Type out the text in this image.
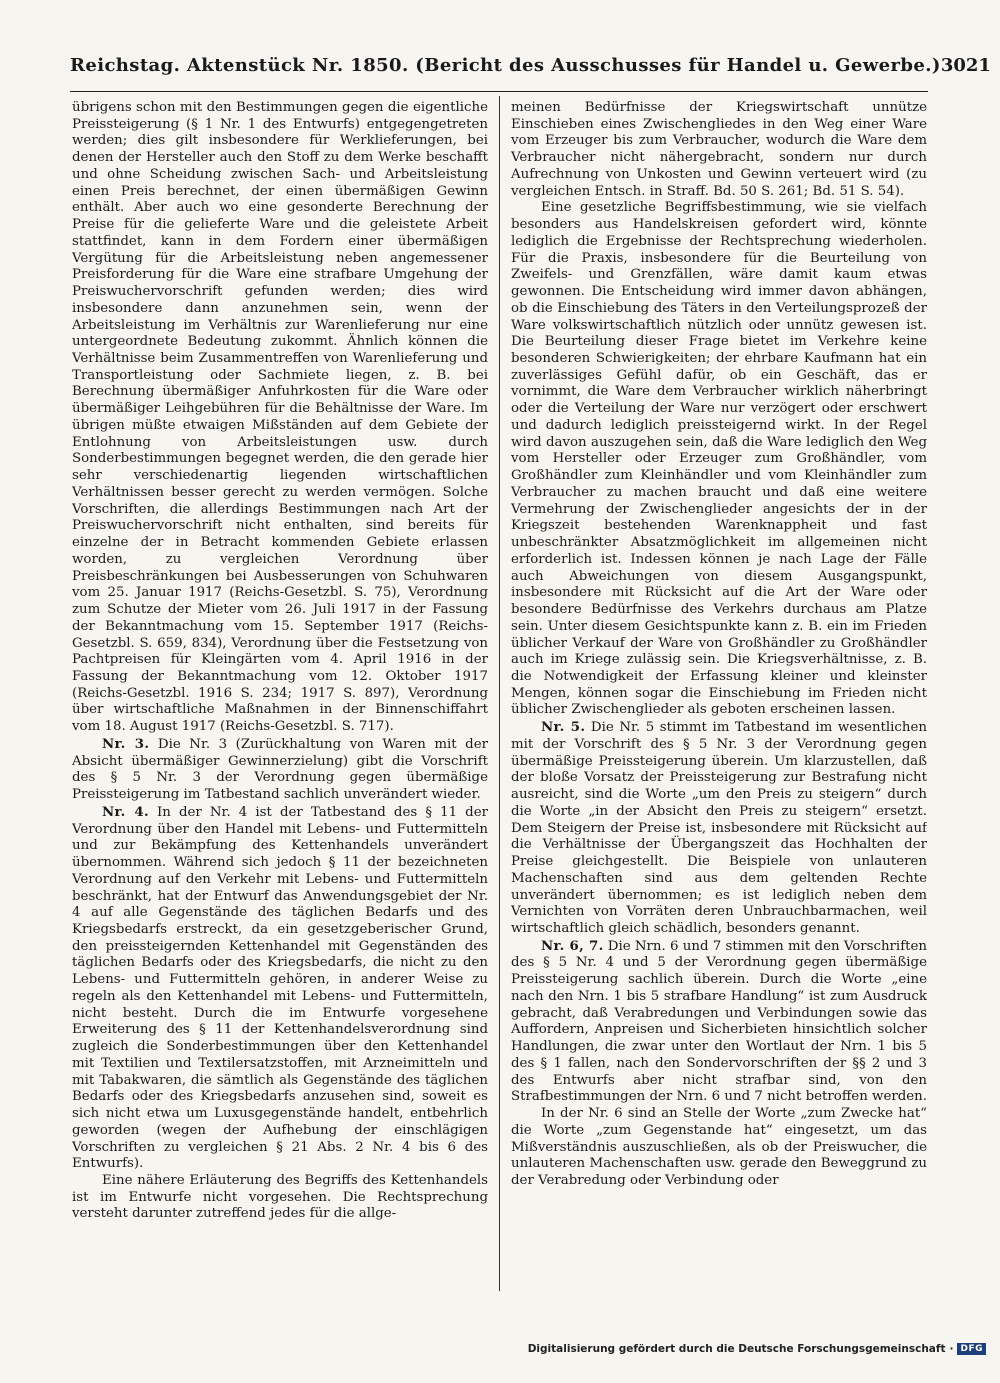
Reichstag. Aktenstück Nr. 1850. (Bericht des Ausschusses für Handel u. Gewerbe.) 3021

übrigens schon mit den Bestimmungen gegen die eigentliche Preissteigerung (§ 1 Nr. 1 des Entwurfs) entgegengetreten werden; dies gilt insbesondere für Werklieferungen, bei denen der Hersteller auch den Stoff zu dem Werke beschafft und ohne Scheidung zwischen Sach- und Arbeitsleistung einen Preis berechnet, der einen übermäßigen Gewinn enthält. Aber auch wo eine gesonderte Berechnung der Preise für die gelieferte Ware und die geleistete Arbeit stattfindet, kann in dem Fordern einer übermäßigen Vergütung für die Arbeitsleistung neben angemessener Preisforderung für die Ware eine strafbare Umgehung der Preiswuchervorschrift gefunden werden; dies wird insbesondere dann anzunehmen sein, wenn der Arbeitsleistung im Verhältnis zur Warenlieferung nur eine untergeordnete Bedeutung zukommt. Ähnlich können die Verhältnisse beim Zusammentreffen von Warenlieferung und Transportleistung oder Sachmiete liegen, z. B. bei Berechnung übermäßiger Anfuhrkosten für die Ware oder übermäßiger Leihgebühren für die Behältnisse der Ware. Im übrigen müßte etwaigen Mißständen auf dem Gebiete der Entlohnung von Arbeitsleistungen usw. durch Sonderbestimmungen begegnet werden, die den gerade hier sehr verschiedenartig liegenden wirtschaftlichen Verhältnissen besser gerecht zu werden vermögen. Solche Vorschriften, die allerdings Bestimmungen nach Art der Preiswuchervorschrift nicht enthalten, sind bereits für einzelne der in Betracht kommenden Gebiete erlassen worden, zu vergleichen Verordnung über Preisbeschränkungen bei Ausbesserungen von Schuhwaren vom 25. Januar 1917 (Reichs-Gesetzbl. S. 75), Verordnung zum Schutze der Mieter vom 26. Juli 1917 in der Fassung der Bekanntmachung vom 15. September 1917 (Reichs-Gesetzbl. S. 659, 834), Verordnung über die Festsetzung von Pachtpreisen für Kleingärten vom 4. April 1916 in der Fassung der Bekanntmachung vom 12. Oktober 1917 (Reichs-Gesetzbl. 1916 S. 234; 1917 S. 897), Verordnung über wirtschaftliche Maßnahmen in der Binnenschiffahrt vom 18. August 1917 (Reichs-Gesetzbl. S. 717).

Nr. 3. Die Nr. 3 (Zurückhaltung von Waren mit der Absicht übermäßiger Gewinnerzielung) gibt die Vorschrift des § 5 Nr. 3 der Verordnung gegen übermäßige Preissteigerung im Tatbestand sachlich unverändert wieder.

Nr. 4. In der Nr. 4 ist der Tatbestand des § 11 der Verordnung über den Handel mit Lebens- und Futtermitteln und zur Bekämpfung des Kettenhandels unverändert übernommen. Während sich jedoch § 11 der bezeichneten Verordnung auf den Verkehr mit Lebens- und Futtermitteln beschränkt, hat der Entwurf das Anwendungsgebiet der Nr. 4 auf alle Gegenstände des täglichen Bedarfs und des Kriegsbedarfs erstreckt, da ein gesetzgeberischer Grund, den preissteigernden Kettenhandel mit Gegenständen des täglichen Bedarfs oder des Kriegsbedarfs, die nicht zu den Lebens- und Futtermitteln gehören, in anderer Weise zu regeln als den Kettenhandel mit Lebens- und Futtermitteln, nicht besteht. Durch die im Entwurfe vorgesehene Erweiterung des § 11 der Kettenhandelsverordnung sind zugleich die Sonderbestimmungen über den Kettenhandel mit Textilien und Textilersatzstoffen, mit Arzneimitteln und mit Tabakwaren, die sämtlich als Gegenstände des täglichen Bedarfs oder des Kriegsbedarfs anzusehen sind, soweit es sich nicht etwa um Luxusgegenstände handelt, entbehrlich geworden (wegen der Aufhebung der einschlägigen Vorschriften zu vergleichen § 21 Abs. 2 Nr. 4 bis 6 des Entwurfs).

Eine nähere Erläuterung des Begriffs des Kettenhandels ist im Entwurfe nicht vorgesehen. Die Rechtsprechung versteht darunter zutreffend jedes für die allge-

meinen Bedürfnisse der Kriegswirtschaft unnütze Einschieben eines Zwischengliedes in den Weg einer Ware vom Erzeuger bis zum Verbraucher, wodurch die Ware dem Verbraucher nicht nähergebracht, sondern nur durch Aufrechnung von Unkosten und Gewinn verteuert wird (zu vergleichen Entsch. in Straff. Bd. 50 S. 261; Bd. 51 S. 54).

Eine gesetzliche Begriffsbestimmung, wie sie vielfach besonders aus Handelskreisen gefordert wird, könnte lediglich die Ergebnisse der Rechtsprechung wiederholen. Für die Praxis, insbesondere für die Beurteilung von Zweifels- und Grenzfällen, wäre damit kaum etwas gewonnen. Die Entscheidung wird immer davon abhängen, ob die Einschiebung des Täters in den Verteilungsprozeß der Ware volkswirtschaftlich nützlich oder unnütz gewesen ist. Die Beurteilung dieser Frage bietet im Verkehre keine besonderen Schwierigkeiten; der ehrbare Kaufmann hat ein zuverlässiges Gefühl dafür, ob ein Geschäft, das er vornimmt, die Ware dem Verbraucher wirklich näherbringt oder die Verteilung der Ware nur verzögert oder erschwert und dadurch lediglich preissteigernd wirkt. In der Regel wird davon auszugehen sein, daß die Ware lediglich den Weg vom Hersteller oder Erzeuger zum Großhändler, vom Großhändler zum Kleinhändler und vom Kleinhändler zum Verbraucher zu machen braucht und daß eine weitere Vermehrung der Zwischenglieder angesichts der in der Kriegszeit bestehenden Warenknappheit und fast unbeschränkter Absatzmöglichkeit im allgemeinen nicht erforderlich ist. Indessen können je nach Lage der Fälle auch Abweichungen von diesem Ausgangspunkt, insbesondere mit Rücksicht auf die Art der Ware oder besondere Bedürfnisse des Verkehrs durchaus am Platze sein. Unter diesem Gesichtspunkte kann z. B. ein im Frieden üblicher Verkauf der Ware von Großhändler zu Großhändler auch im Kriege zulässig sein. Die Kriegsverhältnisse, z. B. die Notwendigkeit der Erfassung kleiner und kleinster Mengen, können sogar die Einschiebung im Frieden nicht üblicher Zwischenglieder als geboten erscheinen lassen.

Nr. 5. Die Nr. 5 stimmt im Tatbestand im wesentlichen mit der Vorschrift des § 5 Nr. 3 der Verordnung gegen übermäßige Preissteigerung überein. Um klarzustellen, daß der bloße Vorsatz der Preissteigerung zur Bestrafung nicht ausreicht, sind die Worte „um den Preis zu steigern“ durch die Worte „in der Absicht den Preis zu steigern“ ersetzt. Dem Steigern der Preise ist, insbesondere mit Rücksicht auf die Verhältnisse der Übergangszeit das Hochhalten der Preise gleichgestellt. Die Beispiele von unlauteren Machenschaften sind aus dem geltenden Rechte unverändert übernommen; es ist lediglich neben dem Vernichten von Vorräten deren Unbrauchbarmachen, weil wirtschaftlich gleich schädlich, besonders genannt.

Nr. 6, 7. Die Nrn. 6 und 7 stimmen mit den Vorschriften des § 5 Nr. 4 und 5 der Verordnung gegen übermäßige Preissteigerung sachlich überein. Durch die Worte „eine nach den Nrn. 1 bis 5 strafbare Handlung“ ist zum Ausdruck gebracht, daß Verabredungen und Verbindungen sowie das Auffordern, Anpreisen und Sicherbieten hinsichtlich solcher Handlungen, die zwar unter den Wortlaut der Nrn. 1 bis 5 des § 1 fallen, nach den Sondervorschriften der §§ 2 und 3 des Entwurfs aber nicht strafbar sind, von den Strafbestimmungen der Nrn. 6 und 7 nicht betroffen werden.

In der Nr. 6 sind an Stelle der Worte „zum Zwecke hat“ die Worte „zum Gegenstande hat“ eingesetzt, um das Mißverständnis auszuschließen, als ob der Preiswucher, die unlauteren Machenschaften usw. gerade den Beweggrund zu der Verabredung oder Verbindung oder

Digitalisierung gefördert durch die Deutsche Forschungsgemeinschaft · DFG
